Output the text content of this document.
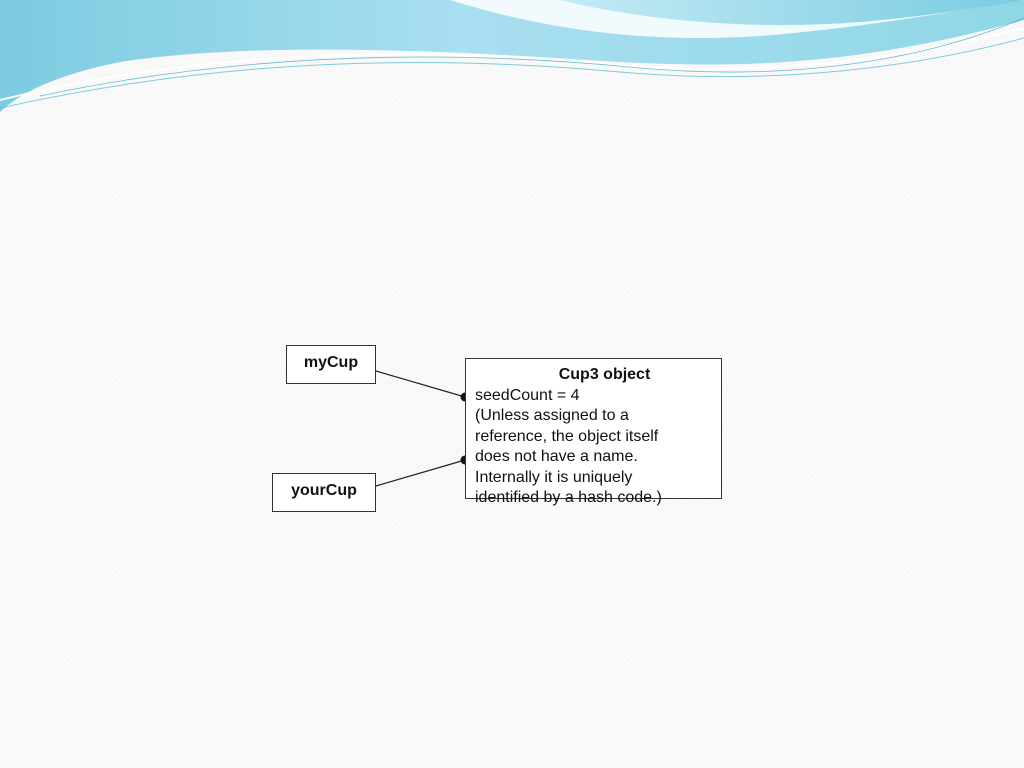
myCup
yourCup
Cup3 object
seedCount = 4
(Unless assigned to a
reference, the object itself
does not have a name.
Internally it is uniquely
identified by a hash code.)
